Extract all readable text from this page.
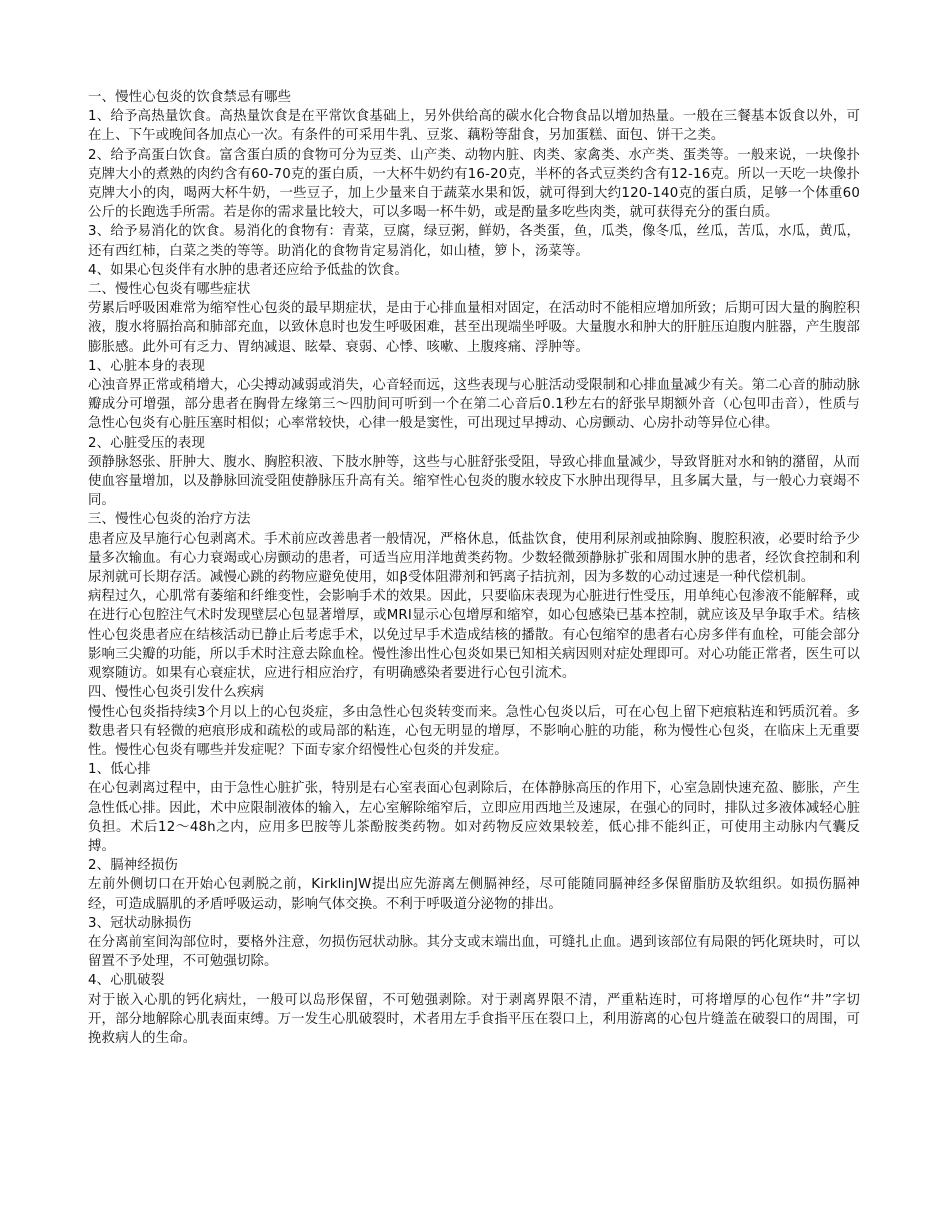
一、慢性心包炎的饮食禁忌有哪些

1、给予高热量饮食。高热量饮食是在平常饮食基础上，另外供给高的碳水化合物食品以增加热量。一般在三餐基本饭食以外，可在上、下午或晚间各加点心一次。有条件的可采用牛乳、豆浆、藕粉等甜食，另加蛋糕、面包、饼干之类。

2、给予高蛋白饮食。富含蛋白质的食物可分为豆类、山产类、动物内脏、肉类、家禽类、水产类、蛋类等。一般来说，一块像扑克牌大小的煮熟的肉约含有60-70克的蛋白质，一大杯牛奶约有16-20克，半杯的各式豆类约含有12-16克。所以一天吃一块像扑克牌大小的肉，喝两大杯牛奶，一些豆子，加上少量来自于蔬菜水果和饭，就可得到大约120-140克的蛋白质，足够一个体重60公斤的长跑选手所需。若是你的需求量比较大，可以多喝一杯牛奶，或是酌量多吃些肉类，就可获得充分的蛋白质。

3、给予易消化的饮食。易消化的食物有：青菜，豆腐，绿豆粥，鲜奶，各类蛋，鱼，瓜类，像冬瓜，丝瓜，苦瓜，水瓜，黄瓜，还有西红柿，白菜之类的等等。助消化的食物肯定易消化，如山楂，箩卜，汤菜等。

4、如果心包炎伴有水肿的患者还应给予低盐的饮食。

二、慢性心包炎有哪些症状

劳累后呼吸困难常为缩窄性心包炎的最早期症状，是由于心排血量相对固定，在活动时不能相应增加所致；后期可因大量的胸腔积液，腹水将膈抬高和肺部充血，以致休息时也发生呼吸困难，甚至出现端坐呼吸。大量腹水和肿大的肝脏压迫腹内脏器，产生腹部膨胀感。此外可有乏力、胃纳减退、眩晕、衰弱、心悸、咳嗽、上腹疼痛、浮肿等。

1、心脏本身的表现

心浊音界正常或稍增大，心尖搏动减弱或消失，心音轻而远，这些表现与心脏活动受限制和心排血量减少有关。第二心音的肺动脉瓣成分可增强，部分患者在胸骨左缘第三～四肋间可听到一个在第二心音后0.1秒左右的舒张早期额外音（心包叩击音），性质与急性心包炎有心脏压塞时相似；心率常较快，心律一般是窦性，可出现过早搏动、心房颤动、心房扑动等异位心律。

2、心脏受压的表现

颈静脉怒张、肝肿大、腹水、胸腔积液、下肢水肿等，这些与心脏舒张受阻，导致心排血量减少，导致肾脏对水和钠的潴留，从而使血容量增加，以及静脉回流受阻使静脉压升高有关。缩窄性心包炎的腹水较皮下水肿出现得早，且多属大量，与一般心力衰竭不同。

三、慢性心包炎的治疗方法

患者应及早施行心包剥离术。手术前应改善患者一般情况，严格休息，低盐饮食，使用利尿剂或抽除胸、腹腔积液，必要时给予少量多次输血。有心力衰竭或心房颤动的患者，可适当应用洋地黄类药物。少数轻微颈静脉扩张和周围水肿的患者，经饮食控制和利尿剂就可长期存活。减慢心跳的药物应避免使用，如β受体阻滞剂和钙离子拮抗剂，因为多数的心动过速是一种代偿机制。

病程过久，心肌常有萎缩和纤维变性，会影响手术的效果。因此，只要临床表现为心脏进行性受压，用单纯心包渗液不能解释，或在进行心包腔注气术时发现壁层心包显著增厚，或MRI显示心包增厚和缩窄，如心包感染已基本控制，就应该及早争取手术。结核性心包炎患者应在结核活动已静止后考虑手术，以免过早手术造成结核的播散。有心包缩窄的患者右心房多伴有血栓，可能会部分影响三尖瓣的功能，所以手术时注意去除血栓。慢性渗出性心包炎如果已知相关病因则对症处理即可。对心功能正常者，医生可以观察随访。如果有心衰症状，应进行相应治疗，有明确感染者要进行心包引流术。

四、慢性心包炎引发什么疾病

慢性心包炎指持续3个月以上的心包炎症，多由急性心包炎转变而来。急性心包炎以后，可在心包上留下疤痕粘连和钙质沉着。多数患者只有轻微的疤痕形成和疏松的或局部的粘连，心包无明显的增厚，不影响心脏的功能，称为慢性心包炎，在临床上无重要性。慢性心包炎有哪些并发症呢？下面专家介绍慢性心包炎的并发症。

1、低心排

在心包剥离过程中，由于急性心脏扩张，特别是右心室表面心包剥除后，在体静脉高压的作用下，心室急剧快速充盈、膨胀，产生急性低心排。因此，术中应限制液体的输入，左心室解除缩窄后，立即应用西地兰及速尿，在强心的同时，排队过多液体减轻心脏负担。术后12～48h之内，应用多巴胺等儿茶酚胺类药物。如对药物反应效果较差，低心排不能纠正，可使用主动脉内气囊反搏。

2、膈神经损伤

左前外侧切口在开始心包剥脱之前，KirklinJW提出应先游离左侧膈神经，尽可能随同膈神经多保留脂肪及软组织。如损伤膈神经，可造成膈肌的矛盾呼吸运动，影响气体交换。不利于呼吸道分泌物的排出。

3、冠状动脉损伤

在分离前室间沟部位时，要格外注意，勿损伤冠状动脉。其分支或末端出血，可缝扎止血。遇到该部位有局限的钙化斑块时，可以留置不予处理，不可勉强切除。

4、心肌破裂

对于嵌入心肌的钙化病灶，一般可以岛形保留，不可勉强剥除。对于剥离界限不清，严重粘连时，可将增厚的心包作“井”字切开，部分地解除心肌表面束缚。万一发生心肌破裂时，术者用左手食指平压在裂口上，利用游离的心包片缝盖在破裂口的周围，可挽救病人的生命。
